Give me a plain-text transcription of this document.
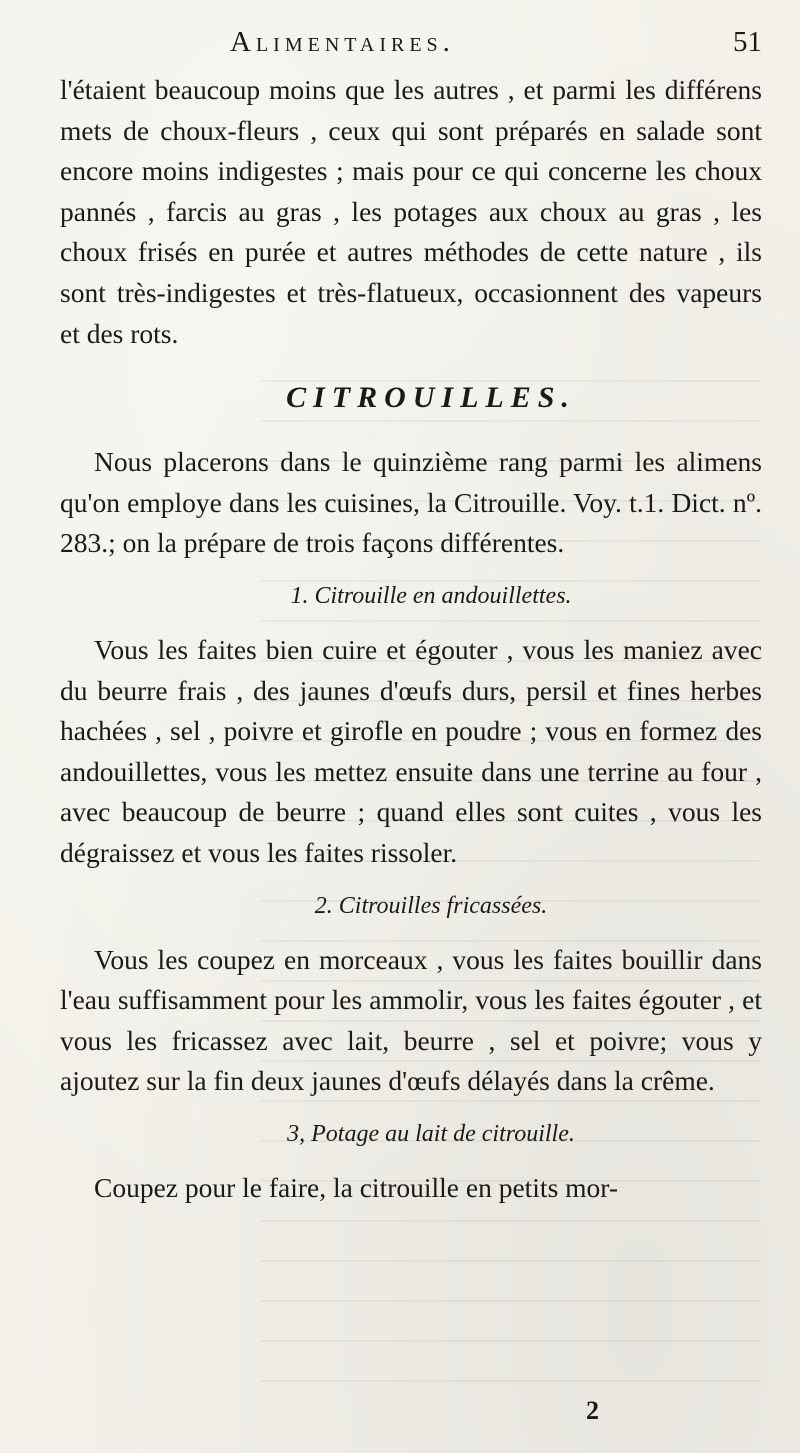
Alimentaires.	51

l'étaient beaucoup moins que les autres , et parmi les différens mets de choux-fleurs , ceux qui sont préparés en salade sont encore moins indigestes ; mais pour ce qui concerne les choux pannés , farcis au gras , les potages aux choux au gras , les choux frisés en purée et autres méthodes de cette nature , ils sont très-indigestes et très-flatueux, occasionnent des vapeurs et des rots.

CITROUILLES.

Nous placerons dans le quinzième rang parmi les alimens qu'on employe dans les cuisines, la Citrouille. Voy. t.1. Dict. nº. 283.; on la prépare de trois façons différentes.

1. Citrouille en andouillettes.

Vous les faites bien cuire et égouter , vous les maniez avec du beurre frais , des jaunes d'œufs durs, persil et fines herbes hachées , sel , poivre et girofle en poudre ; vous en formez des andouillettes, vous les mettez ensuite dans une terrine au four , avec beaucoup de beurre ; quand elles sont cuites , vous les dégraissez et vous les faites rissoler.

2. Citrouilles fricassées.

Vous les coupez en morceaux , vous les faites bouillir dans l'eau suffisamment pour les ammolir, vous les faites égouter , et vous les fricassez avec lait, beurre , sel et poivre; vous y ajoutez sur la fin deux jaunes d'œufs délayés dans la crême.

3, Potage au lait de citrouille.

Coupez pour le faire, la citrouille en petits mor-

2
